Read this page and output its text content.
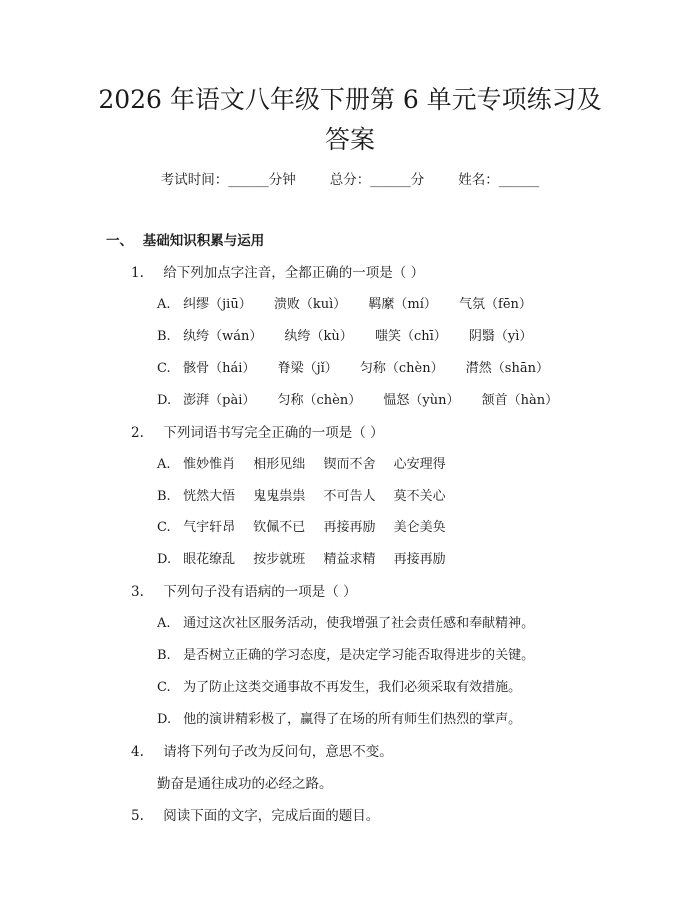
2026 年语文八年级下册第 6 单元专项练习及
答案
考试时间：______分钟	总分：______分	姓名：______
一、 基础知识积累与运用
1. 给下列加点字注音，全都正确的一项是（ ）
A. 纠缪（jiū） 溃败（kuì） 羁縻（mí） 气氛（fēn）
B. 纨绔（wán） 纨绔（kù） 嗤笑（chī） 阴翳（yì）
C. 骸骨（hái） 脊梁（jǐ） 匀称（chèn） 潸然（shān）
D. 澎湃（pài） 匀称（chèn） 愠怒（yùn） 颔首（hàn）
2. 下列词语书写完全正确的一项是（ ）
A. 惟妙惟肖 相形见绌 锲而不舍 心安理得
B. 恍然大悟 鬼鬼祟祟 不可告人 莫不关心
C. 气宇轩昂 钦佩不已 再接再励 美仑美奂
D. 眼花缭乱 按步就班 精益求精 再接再励
3. 下列句子没有语病的一项是（ ）
A. 通过这次社区服务活动，使我增强了社会责任感和奉献精神。
B. 是否树立正确的学习态度，是决定学习能否取得进步的关键。
C. 为了防止这类交通事故不再发生，我们必须采取有效措施。
D. 他的演讲精彩极了，赢得了在场的所有师生们热烈的掌声。
4. 请将下列句子改为反问句，意思不变。
勤奋是通往成功的必经之路。
5. 阅读下面的文字，完成后面的题目。
